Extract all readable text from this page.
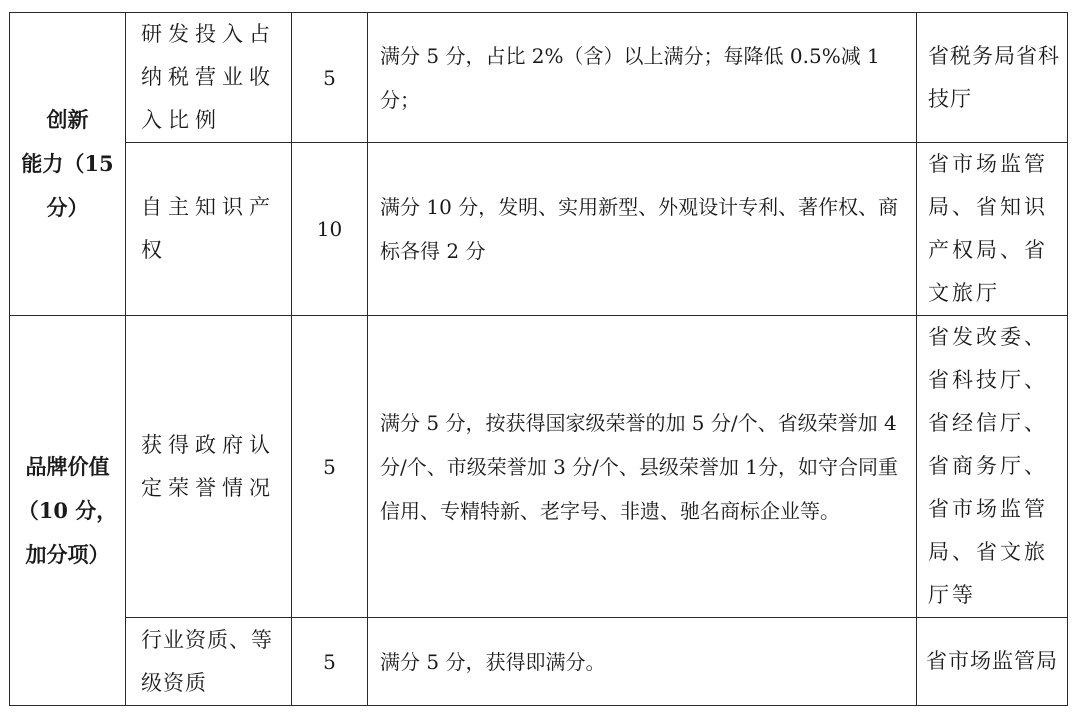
创新
能力（15
分）	研发投入占纳税营业收入比例	5	满分 5 分，占比 2%（含）以上满分；每降低 0.5%减 1 分；	省税务局省科技厅
	自主知识产权	10	满分 10 分，发明、实用新型、外观设计专利、著作权、商标各得 2 分	省市场监管局、省知识产权局、省文旅厅

品牌价值
（10 分，
加分项）	获得政府认定荣誉情况	5	满分 5 分，按获得国家级荣誉的加 5 分/个、省级荣誉加 4 分/个、市级荣誉加 3 分/个、县级荣誉加 1分，如守合同重信用、专精特新、老字号、非遗、驰名商标企业等。	省发改委、省科技厅、省经信厅、省商务厅、省市场监管局、省文旅厅等
	行业资质、等级资质	5	满分 5 分，获得即满分。	省市场监管局
